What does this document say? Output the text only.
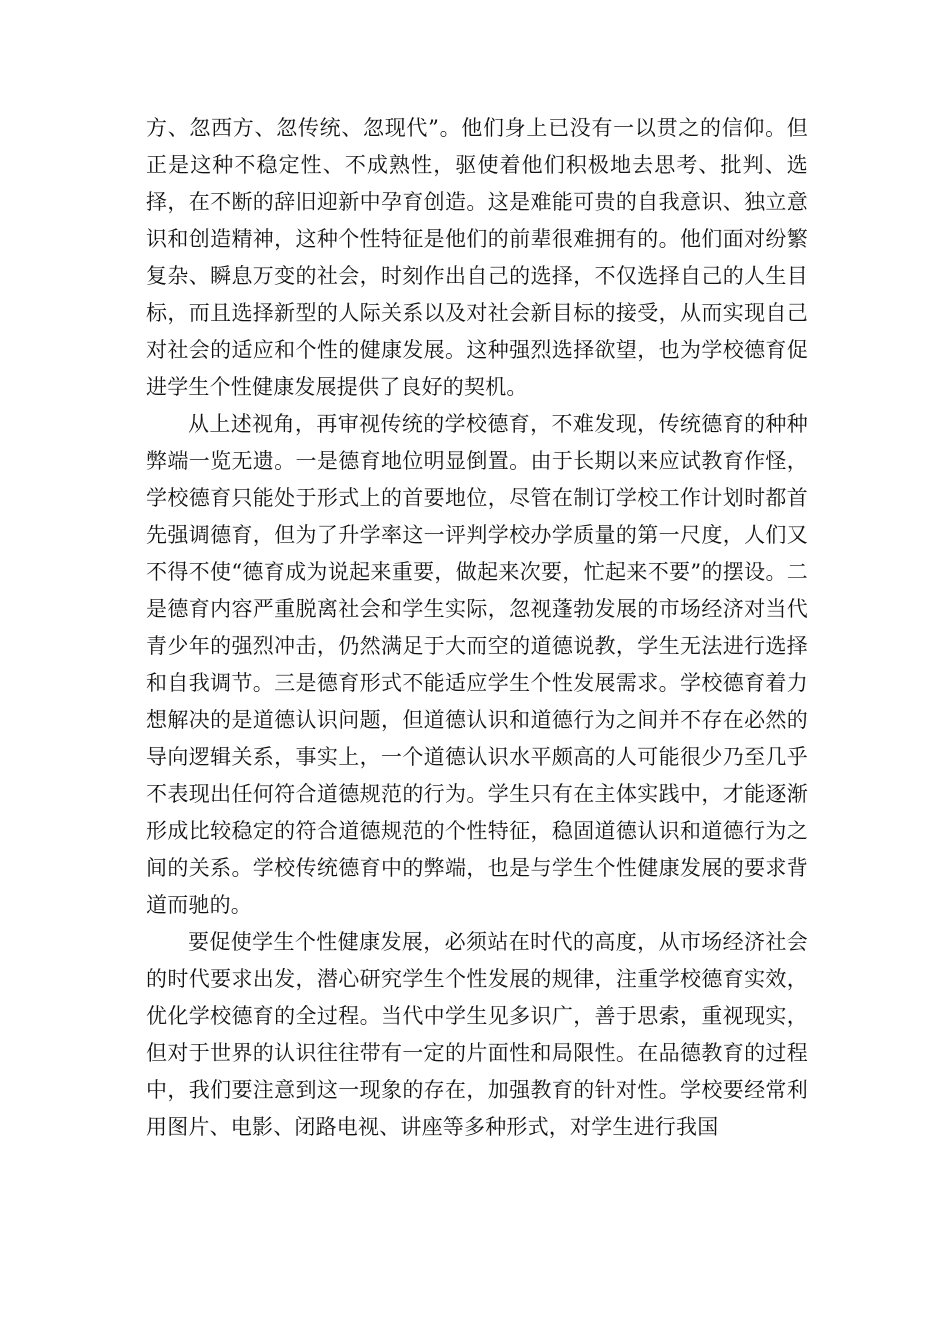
方、忽西方、忽传统、忽现代”。他们身上已没有一以贯之的信仰。但正是这种不稳定性、不成熟性，驱使着他们积极地去思考、批判、选择，在不断的辞旧迎新中孕育创造。这是难能可贵的自我意识、独立意识和创造精神，这种个性特征是他们的前辈很难拥有的。他们面对纷繁复杂、瞬息万变的社会，时刻作出自己的选择，不仅选择自己的人生目标，而且选择新型的人际关系以及对社会新目标的接受，从而实现自己对社会的适应和个性的健康发展。这种强烈选择欲望，也为学校德育促进学生个性健康发展提供了良好的契机。

从上述视角，再审视传统的学校德育，不难发现，传统德育的种种弊端一览无遗。一是德育地位明显倒置。由于长期以来应试教育作怪，学校德育只能处于形式上的首要地位，尽管在制订学校工作计划时都首先强调德育，但为了升学率这一评判学校办学质量的第一尺度，人们又不得不使“德育成为说起来重要，做起来次要，忙起来不要”的摆设。二是德育内容严重脱离社会和学生实际，忽视蓬勃发展的市场经济对当代青少年的强烈冲击，仍然满足于大而空的道德说教，学生无法进行选择和自我调节。三是德育形式不能适应学生个性发展需求。学校德育着力想解决的是道德认识问题，但道德认识和道德行为之间并不存在必然的导向逻辑关系，事实上，一个道德认识水平颇高的人可能很少乃至几乎不表现出任何符合道德规范的行为。学生只有在主体实践中，才能逐渐形成比较稳定的符合道德规范的个性特征，稳固道德认识和道德行为之间的关系。学校传统德育中的弊端，也是与学生个性健康发展的要求背道而驰的。

要促使学生个性健康发展，必须站在时代的高度，从市场经济社会的时代要求出发，潜心研究学生个性发展的规律，注重学校德育实效，优化学校德育的全过程。当代中学生见多识广，善于思索，重视现实，但对于世界的认识往往带有一定的片面性和局限性。在品德教育的过程中，我们要注意到这一现象的存在，加强教育的针对性。学校要经常利用图片、电影、闭路电视、讲座等多种形式，对学生进行我国
